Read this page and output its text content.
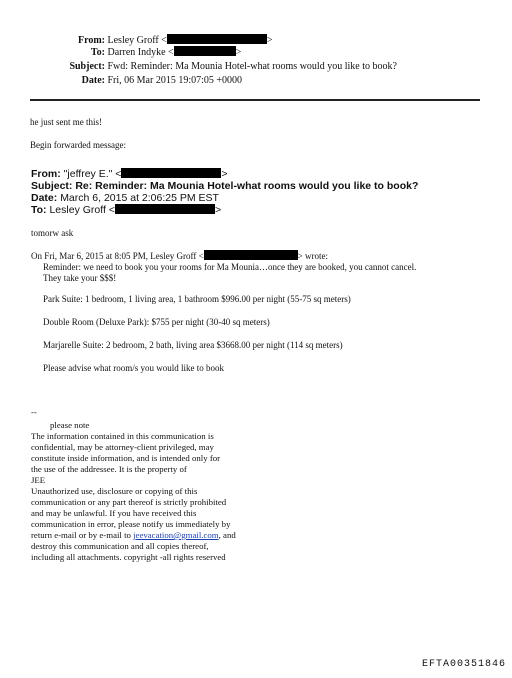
From: Lesley Groff <	>
To: Darren Indyke <	>
Subject: Fwd: Reminder: Ma Mounia Hotel-what rooms would you like to book?
Date: Fri, 06 Mar 2015 19:07:05 +0000
he just sent me this!
Begin forwarded message:
From: "jeffrey E." <	>
Subject: Re: Reminder: Ma Mounia Hotel-what rooms would you like to book?
Date: March 6, 2015 at 2:06:25 PM EST
To: Lesley Groff <	>
tomorw ask
On Fri, Mar 6, 2015 at 8:05 PM, Lesley Groff <	> wrote:
Reminder: we need to book you your rooms for Ma Mounia…once they are booked, you cannot cancel.
They take your $$$!
Park Suite: 1 bedroom, 1 living area, 1 bathroom $996.00 per night (55-75 sq meters)
Double Room (Deluxe Park): $755 per night (30-40 sq meters)
Marjarelle Suite: 2 bedroom, 2 bath, living area $3668.00 per night (114 sq meters)
Please advise what room/s you would like to book
--
please note
The information contained in this communication is
confidential, may be attorney-client privileged, may
constitute inside information, and is intended only for
the use of the addressee. It is the property of
JEE
Unauthorized use, disclosure or copying of this
communication or any part thereof is strictly prohibited
and may be unlawful. If you have received this
communication in error, please notify us immediately by
return e-mail or by e-mail to jeevacation@gmail.com, and
destroy this communication and all copies thereof,
including all attachments. copyright -all rights reserved
EFTA00351846
